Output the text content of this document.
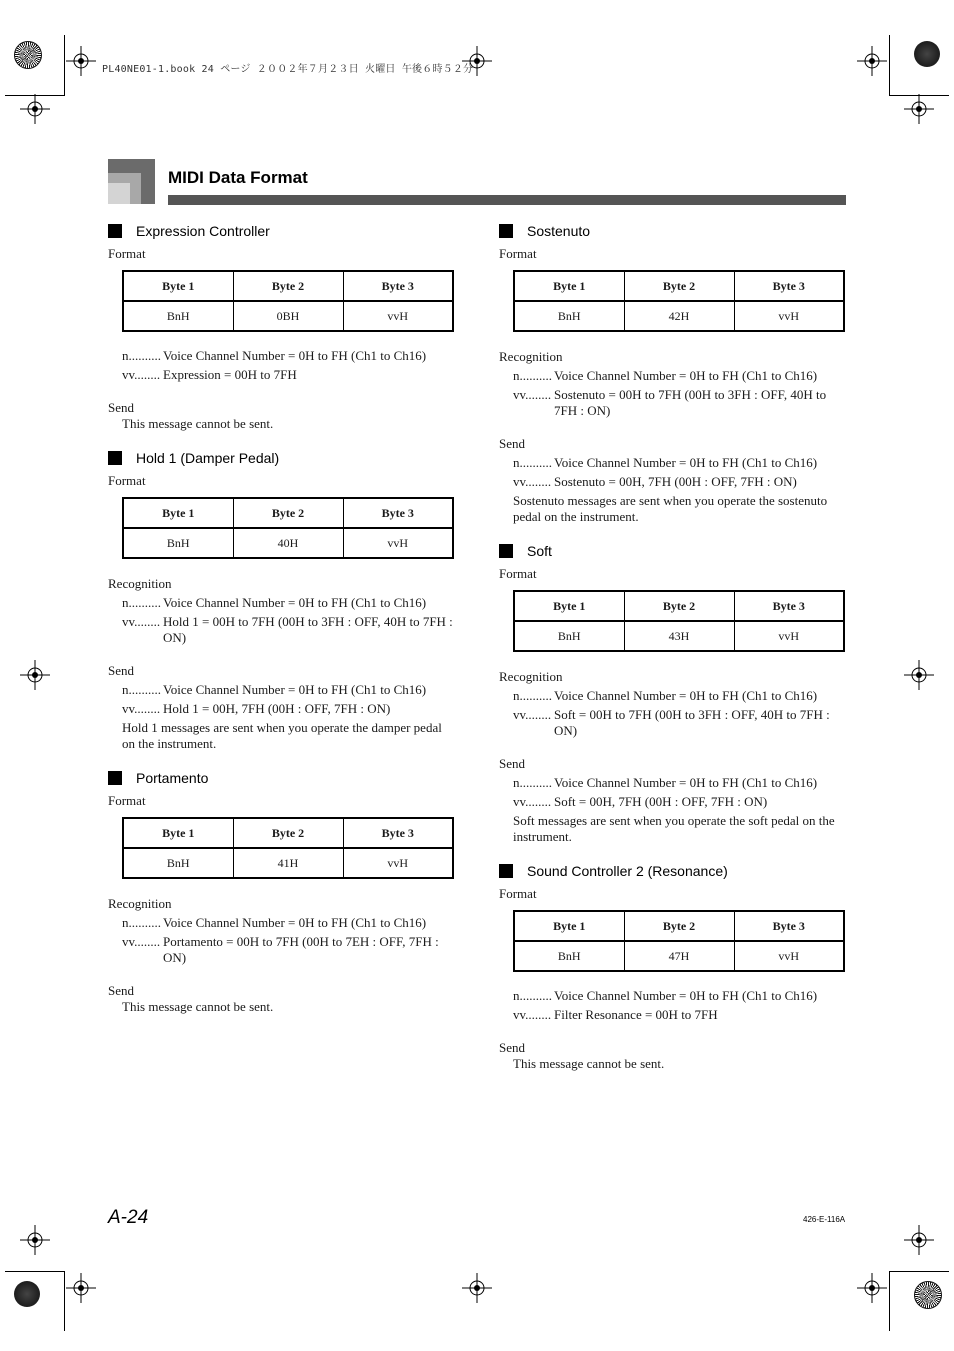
PL40NE01-1.book 24 ページ ２００２年７月２３日 火曜日 午後６時５２分
MIDI Data Format
Expression Controller
Format
Byte 1	Byte 2	Byte 3
BnH	0BH	vvH
n.......... Voice Channel Number = 0H to FH (Ch1 to Ch16)
vv........ Expression = 00H to 7FH
Send
This message cannot be sent.
Hold 1 (Damper Pedal)
Format
Byte 1	Byte 2	Byte 3
BnH	40H	vvH
Recognition
n.......... Voice Channel Number = 0H to FH (Ch1 to Ch16)
vv........ Hold 1 = 00H to 7FH (00H to 3FH : OFF, 40H to 7FH : ON)
Send
n.......... Voice Channel Number = 0H to FH (Ch1 to Ch16)
vv........ Hold 1 = 00H, 7FH (00H : OFF, 7FH : ON)
Hold 1 messages are sent when you operate the damper pedal on the instrument.
Portamento
Format
Byte 1	Byte 2	Byte 3
BnH	41H	vvH
Recognition
n.......... Voice Channel Number = 0H to FH (Ch1 to Ch16)
vv........ Portamento = 00H to 7FH (00H to 7EH : OFF, 7FH : ON)
Send
This message cannot be sent.
Sostenuto
Format
Byte 1	Byte 2	Byte 3
BnH	42H	vvH
Recognition
n.......... Voice Channel Number = 0H to FH (Ch1 to Ch16)
vv........ Sostenuto = 00H to 7FH (00H to 3FH : OFF, 40H to 7FH : ON)
Send
n.......... Voice Channel Number = 0H to FH (Ch1 to Ch16)
vv........ Sostenuto = 00H, 7FH (00H : OFF, 7FH : ON)
Sostenuto messages are sent when you operate the sostenuto pedal on the instrument.
Soft
Format
Byte 1	Byte 2	Byte 3
BnH	43H	vvH
Recognition
n.......... Voice Channel Number = 0H to FH (Ch1 to Ch16)
vv........ Soft = 00H to 7FH (00H to 3FH : OFF, 40H to 7FH : ON)
Send
n.......... Voice Channel Number = 0H to FH (Ch1 to Ch16)
vv........ Soft = 00H, 7FH (00H : OFF, 7FH : ON)
Soft messages are sent when you operate the soft pedal on the instrument.
Sound Controller 2 (Resonance)
Format
Byte 1	Byte 2	Byte 3
BnH	47H	vvH
n.......... Voice Channel Number = 0H to FH (Ch1 to Ch16)
vv........ Filter Resonance = 00H to 7FH
Send
This message cannot be sent.
A-24	426-E-116A
